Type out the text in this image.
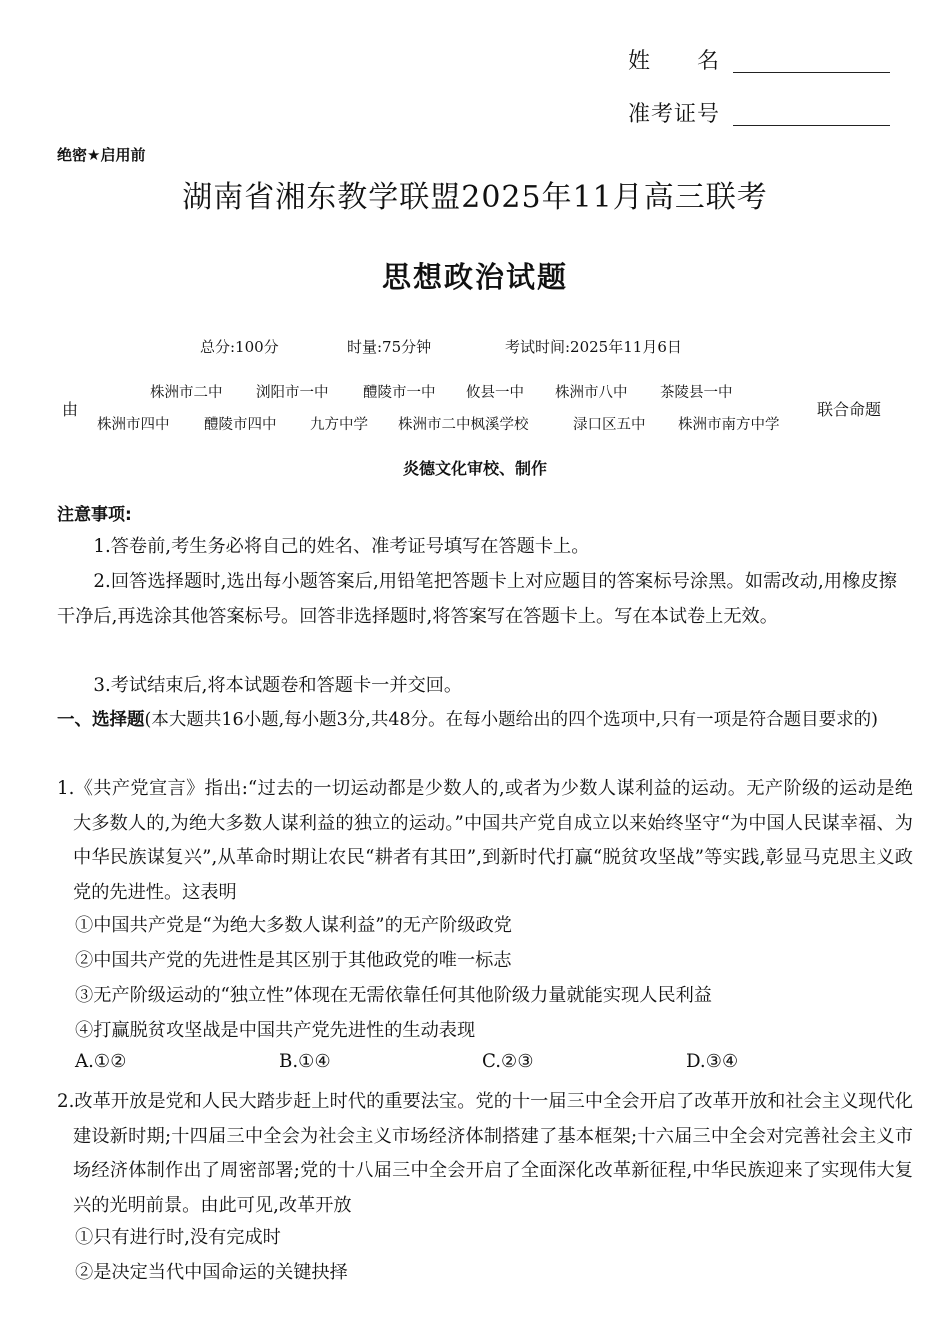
姓　　名
准考证号
绝密★启用前
湖南省湘东教学联盟2025年11月高三联考
思想政治试题
总分:100分	时量:75分钟	考试时间:2025年11月6日
由
株洲市二中 浏阳市一中 醴陵市一中 攸县一中 株洲市八中 茶陵县一中
株洲市四中 醴陵市四中 九方中学 株洲市二中枫溪学校	渌口区五中 株洲市南方中学
联合命题
炎德文化审校、制作
注意事项:
1.答卷前,考生务必将自己的姓名、准考证号填写在答题卡上。
2.回答选择题时,选出每小题答案后,用铅笔把答题卡上对应题目的答案标号涂黑。如需改动,用橡皮擦干净后,再选涂其他答案标号。回答非选择题时,将答案写在答题卡上。写在本试卷上无效。
3.考试结束后,将本试题卷和答题卡一并交回。
一、选择题(本大题共16小题,每小题3分,共48分。在每小题给出的四个选项中,只有一项是符合题目要求的)
1.《共产党宣言》指出:“过去的一切运动都是少数人的,或者为少数人谋利益的运动。无产阶级的运动是绝大多数人的,为绝大多数人谋利益的独立的运动。”中国共产党自成立以来始终坚守“为中国人民谋幸福、为中华民族谋复兴”,从革命时期让农民“耕者有其田”,到新时代打赢“脱贫攻坚战”等实践,彰显马克思主义政党的先进性。这表明
①中国共产党是“为绝大多数人谋利益”的无产阶级政党
②中国共产党的先进性是其区别于其他政党的唯一标志
③无产阶级运动的“独立性”体现在无需依靠任何其他阶级力量就能实现人民利益
④打赢脱贫攻坚战是中国共产党先进性的生动表现
A.①②	B.①④	C.②③	D.③④
2.改革开放是党和人民大踏步赶上时代的重要法宝。党的十一届三中全会开启了改革开放和社会主义现代化建设新时期;十四届三中全会为社会主义市场经济体制搭建了基本框架;十六届三中全会对完善社会主义市场经济体制作出了周密部署;党的十八届三中全会开启了全面深化改革新征程,中华民族迎来了实现伟大复兴的光明前景。由此可见,改革开放
①只有进行时,没有完成时
②是决定当代中国命运的关键抉择
